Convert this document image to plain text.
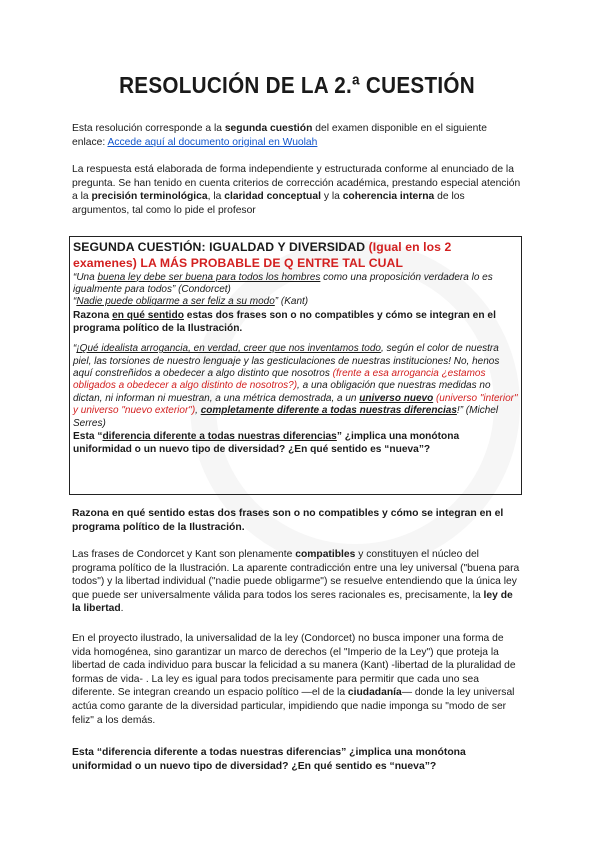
RESOLUCIÓN DE LA 2.ª CUESTIÓN

Esta resolución corresponde a la segunda cuestión del examen disponible en el siguiente enlace: Accede aquí al documento original en Wuolah

La respuesta está elaborada de forma independiente y estructurada conforme al enunciado de la pregunta. Se han tenido en cuenta criterios de corrección académica, prestando especial atención a la precisión terminológica, la claridad conceptual y la coherencia interna de los argumentos, tal como lo pide el profesor

SEGUNDA CUESTIÓN: IGUALDAD Y DIVERSIDAD (Igual en los 2 examenes) LA MÁS PROBABLE DE Q ENTRE TAL CUAL
“Una buena ley debe ser buena para todos los hombres como una proposición verdadera lo es igualmente para todos” (Condorcet)
“Nadie puede obligarme a ser feliz a su modo” (Kant)
Razona en qué sentido estas dos frases son o no compatibles y cómo se integran en el programa político de la Ilustración.
“¡Qué idealista arrogancia, en verdad, creer que nos inventamos todo, según el color de nuestra piel, las torsiones de nuestro lenguaje y las gesticulaciones de nuestras instituciones! No, henos aquí constreñidos a obedecer a algo distinto que nosotros (frente a esa arrogancia ¿estamos obligados a obedecer a algo distinto de nosotros?), a una obligación que nuestras medidas no dictan, ni informan ni muestran, a una métrica demostrada, a un universo nuevo (universo "interior" y universo "nuevo exterior"), completamente diferente a todas nuestras diferencias!” (Michel Serres)
Esta “diferencia diferente a todas nuestras diferencias” ¿implica una monótona uniformidad o un nuevo tipo de diversidad? ¿En qué sentido es “nueva”?

Razona en qué sentido estas dos frases son o no compatibles y cómo se integran en el programa político de la Ilustración.

Las frases de Condorcet y Kant son plenamente compatibles y constituyen el núcleo del programa político de la Ilustración. La aparente contradicción entre una ley universal ("buena para todos") y la libertad individual ("nadie puede obligarme") se resuelve entendiendo que la única ley que puede ser universalmente válida para todos los seres racionales es, precisamente, la ley de la libertad.

En el proyecto ilustrado, la universalidad de la ley (Condorcet) no busca imponer una forma de vida homogénea, sino garantizar un marco de derechos (el "Imperio de la Ley") que proteja la libertad de cada individuo para buscar la felicidad a su manera (Kant) -libertad de la pluralidad de formas de vida- . La ley es igual para todos precisamente para permitir que cada uno sea diferente. Se integran creando un espacio político —el de la ciudadanía— donde la ley universal actúa como garante de la diversidad particular, impidiendo que nadie imponga su "modo de ser feliz" a los demás.

Esta “diferencia diferente a todas nuestras diferencias” ¿implica una monótona uniformidad o un nuevo tipo de diversidad? ¿En qué sentido es “nueva”?
